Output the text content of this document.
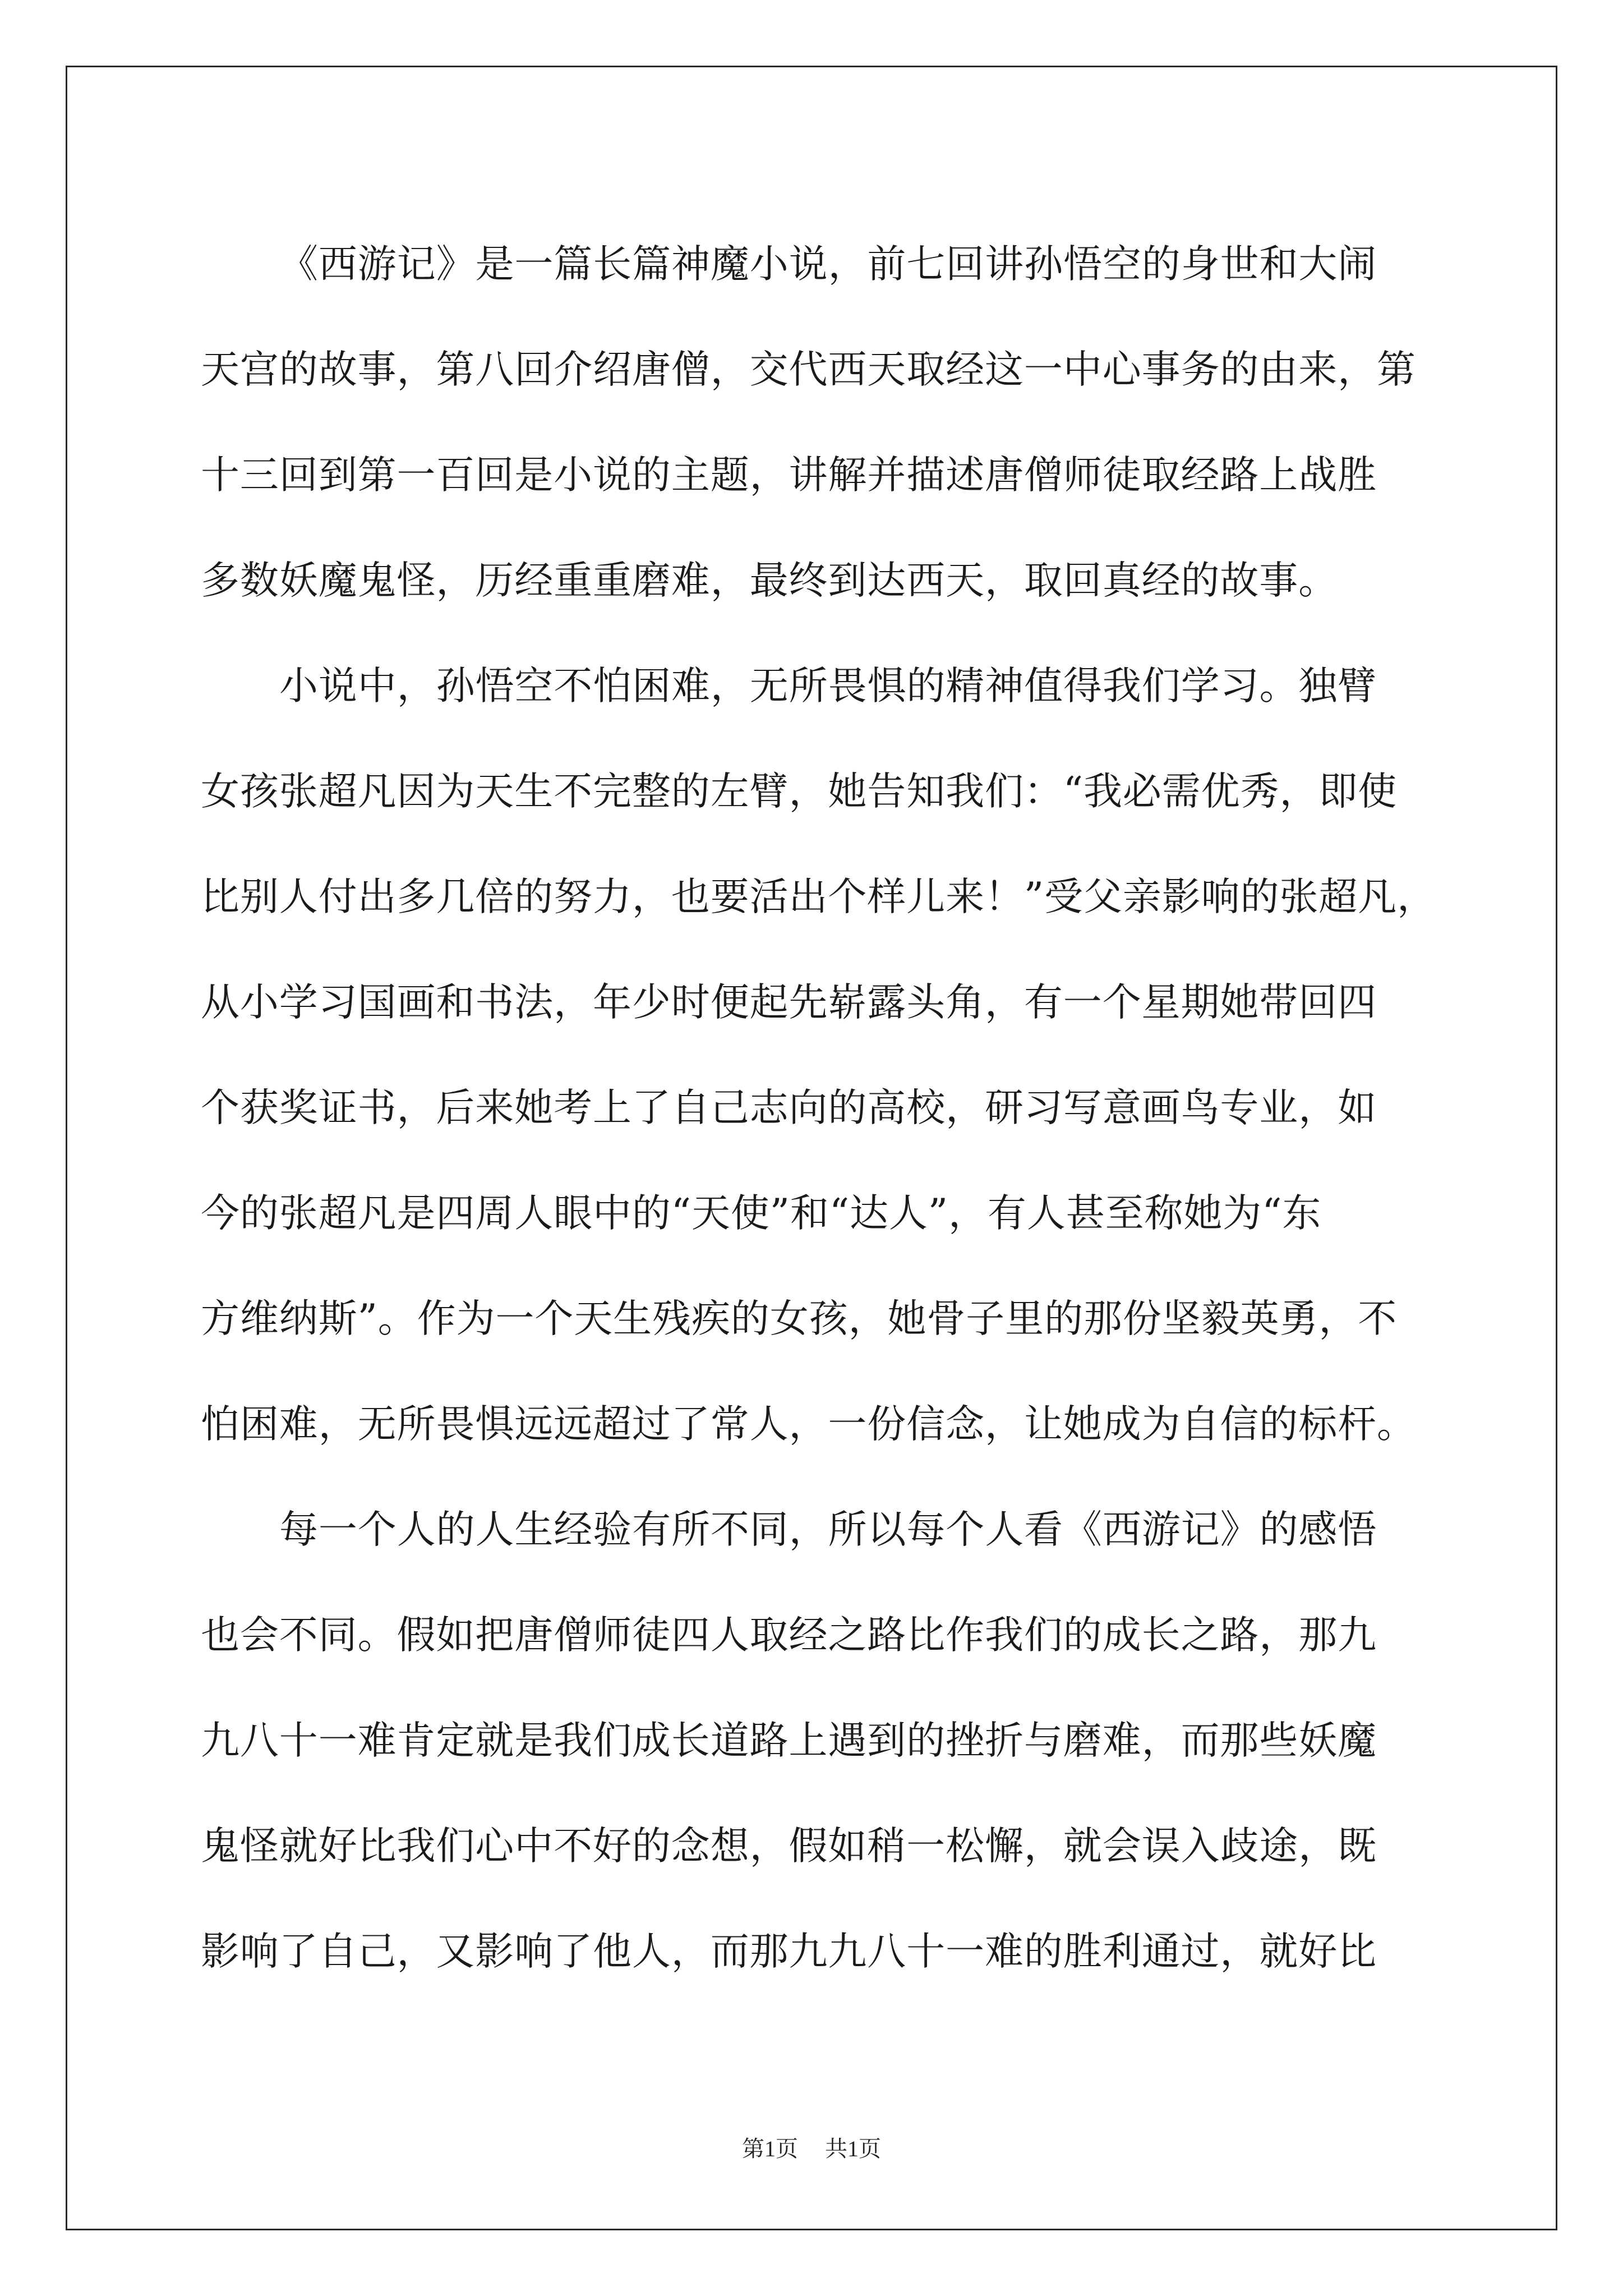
《西游记》是一篇长篇神魔小说，前七回讲孙悟空的身世和大闹
天宫的故事，第八回介绍唐僧，交代西天取经这一中心事务的由来，第
十三回到第一百回是小说的主题，讲解并描述唐僧师徒取经路上战胜
多数妖魔鬼怪，历经重重磨难，最终到达西天，取回真经的故事。
小说中，孙悟空不怕困难，无所畏惧的精神值得我们学习。独臂
女孩张超凡因为天生不完整的左臂，她告知我们：“我必需优秀，即使
比别人付出多几倍的努力，也要活出个样儿来！”受父亲影响的张超凡，
从小学习国画和书法，年少时便起先崭露头角，有一个星期她带回四
个获奖证书，后来她考上了自己志向的高校，研习写意画鸟专业，如
今的张超凡是四周人眼中的“天使”和“达人”，有人甚至称她为“东
方维纳斯”。作为一个天生残疾的女孩，她骨子里的那份坚毅英勇，不
怕困难，无所畏惧远远超过了常人，一份信念，让她成为自信的标杆。
每一个人的人生经验有所不同，所以每个人看《西游记》的感悟
也会不同。假如把唐僧师徒四人取经之路比作我们的成长之路，那九
九八十一难肯定就是我们成长道路上遇到的挫折与磨难，而那些妖魔
鬼怪就好比我们心中不好的念想，假如稍一松懈，就会误入歧途，既
影响了自己，又影响了他人，而那九九八十一难的胜利通过，就好比
第1页 共1页
